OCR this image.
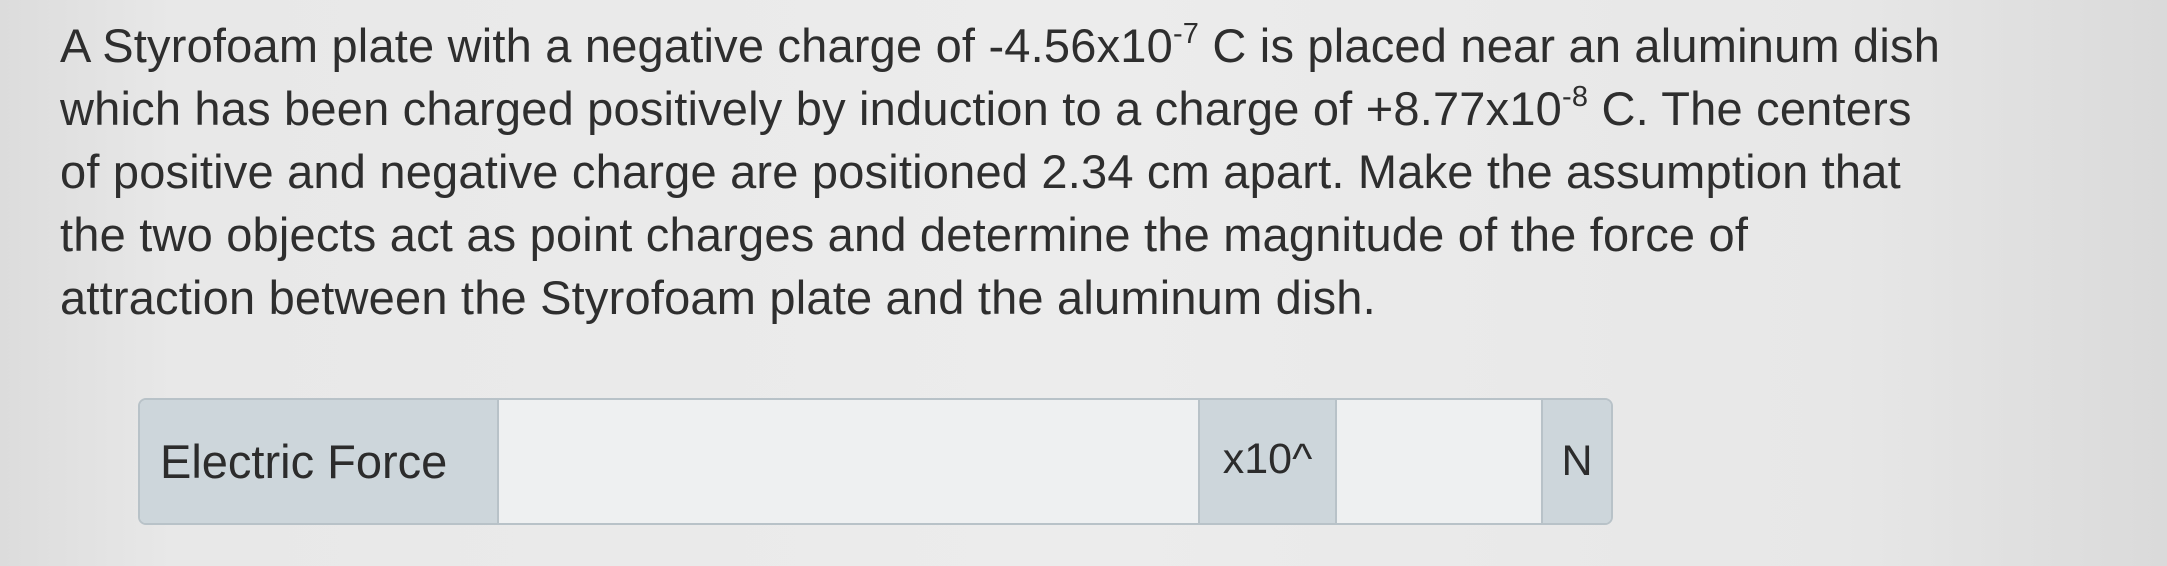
A Styrofoam plate with a negative charge of $-4.56x10^{-7}$ C is placed near an aluminum dish
which has been charged positively by induction to a charge of $+8.77x10^{-8}$ C. The centers
of positive and negative charge are positioned 2.34 cm apart. Make the assumption that
the two objects act as point charges and determine the magnitude of the force of
attraction between the Styrofoam plate and the aluminum dish.
Electric Force	x10^	N
